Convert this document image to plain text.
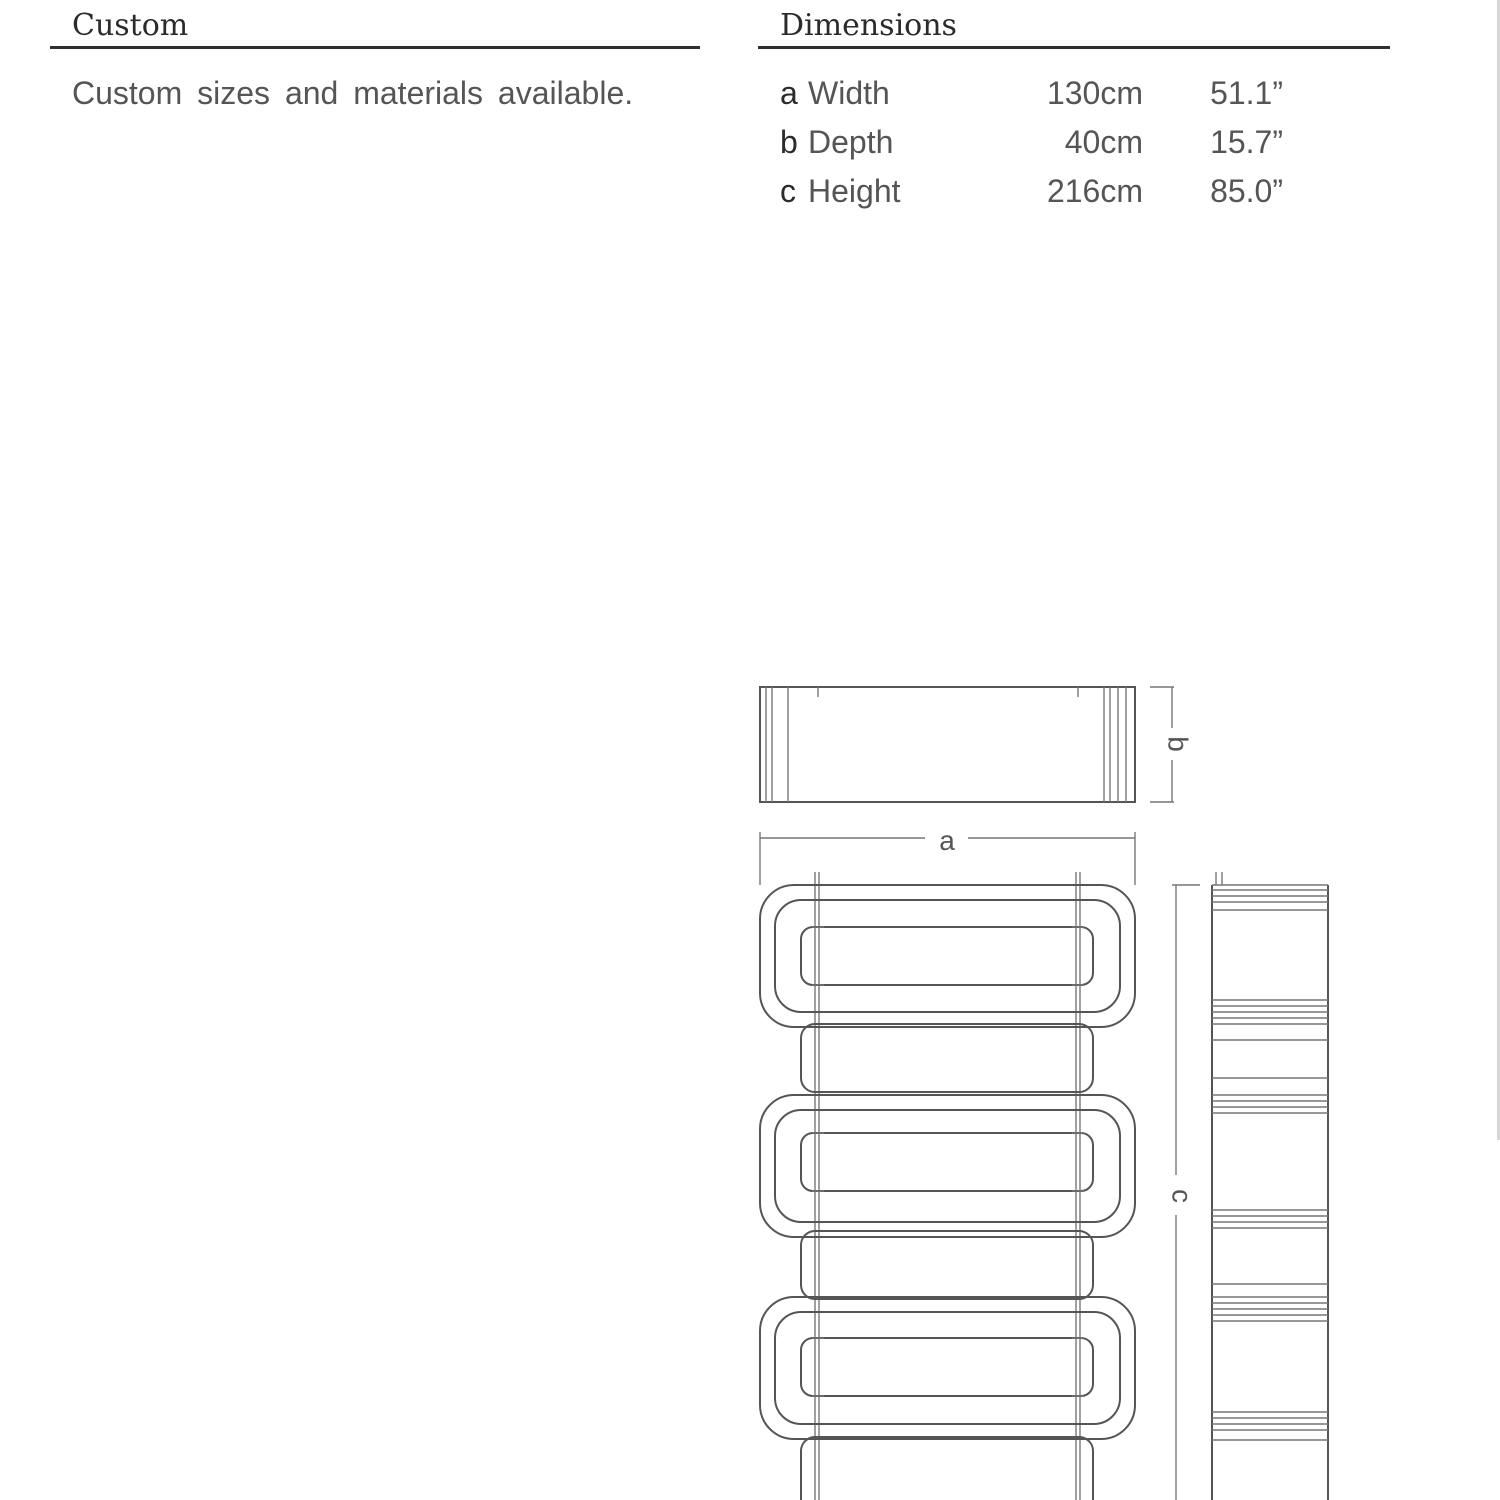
Custom
Custom sizes and materials available.
Dimensions
a Width	130cm	51.1”
b Depth	40cm	15.7”
c Height	216cm	85.0”
b
a
c
